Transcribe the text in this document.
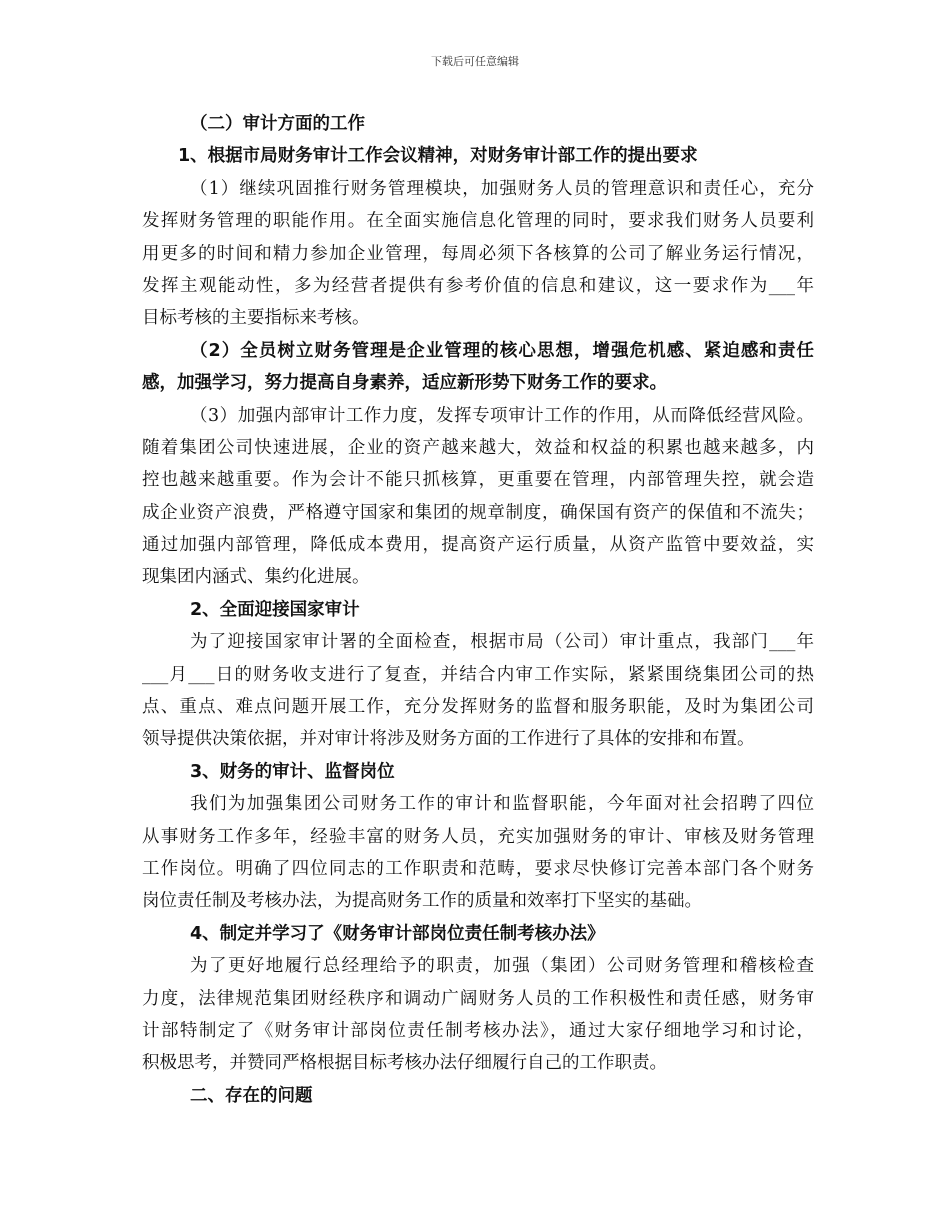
下载后可任意编辑
（二）审计方面的工作
1、根据市局财务审计工作会议精神，对财务审计部工作的提出要求
（1）继续巩固推行财务管理模块，加强财务人员的管理意识和责任心，充分
发挥财务管理的职能作用。在全面实施信息化管理的同时，要求我们财务人员要利
用更多的时间和精力参加企业管理，每周必须下各核算的公司了解业务运行情况，
发挥主观能动性，多为经营者提供有参考价值的信息和建议，这一要求作为___年
目标考核的主要指标来考核。
（2）全员树立财务管理是企业管理的核心思想，增强危机感、紧迫感和责任
感，加强学习，努力提高自身素养，适应新形势下财务工作的要求。
（3）加强内部审计工作力度，发挥专项审计工作的作用，从而降低经营风险。
随着集团公司快速进展，企业的资产越来越大，效益和权益的积累也越来越多，内
控也越来越重要。作为会计不能只抓核算，更重要在管理，内部管理失控，就会造
成企业资产浪费，严格遵守国家和集团的规章制度，确保国有资产的保值和不流失；
通过加强内部管理，降低成本费用，提高资产运行质量，从资产监管中要效益，实
现集团内涵式、集约化进展。
2、全面迎接国家审计
为了迎接国家审计署的全面检查，根据市局（公司）审计重点，我部门___年
___月___日的财务收支进行了复查，并结合内审工作实际，紧紧围绕集团公司的热
点、重点、难点问题开展工作，充分发挥财务的监督和服务职能，及时为集团公司
领导提供决策依据，并对审计将涉及财务方面的工作进行了具体的安排和布置。
3、财务的审计、监督岗位
我们为加强集团公司财务工作的审计和监督职能，今年面对社会招聘了四位
从事财务工作多年，经验丰富的财务人员，充实加强财务的审计、审核及财务管理
工作岗位。明确了四位同志的工作职责和范畴，要求尽快修订完善本部门各个财务
岗位责任制及考核办法，为提高财务工作的质量和效率打下坚实的基础。
4、制定并学习了《财务审计部岗位责任制考核办法》
为了更好地履行总经理给予的职责，加强（集团）公司财务管理和稽核检查
力度，法律规范集团财经秩序和调动广阔财务人员的工作积极性和责任感，财务审
计部特制定了《财务审计部岗位责任制考核办法》，通过大家仔细地学习和讨论，
积极思考，并赞同严格根据目标考核办法仔细履行自己的工作职责。
二、存在的问题
